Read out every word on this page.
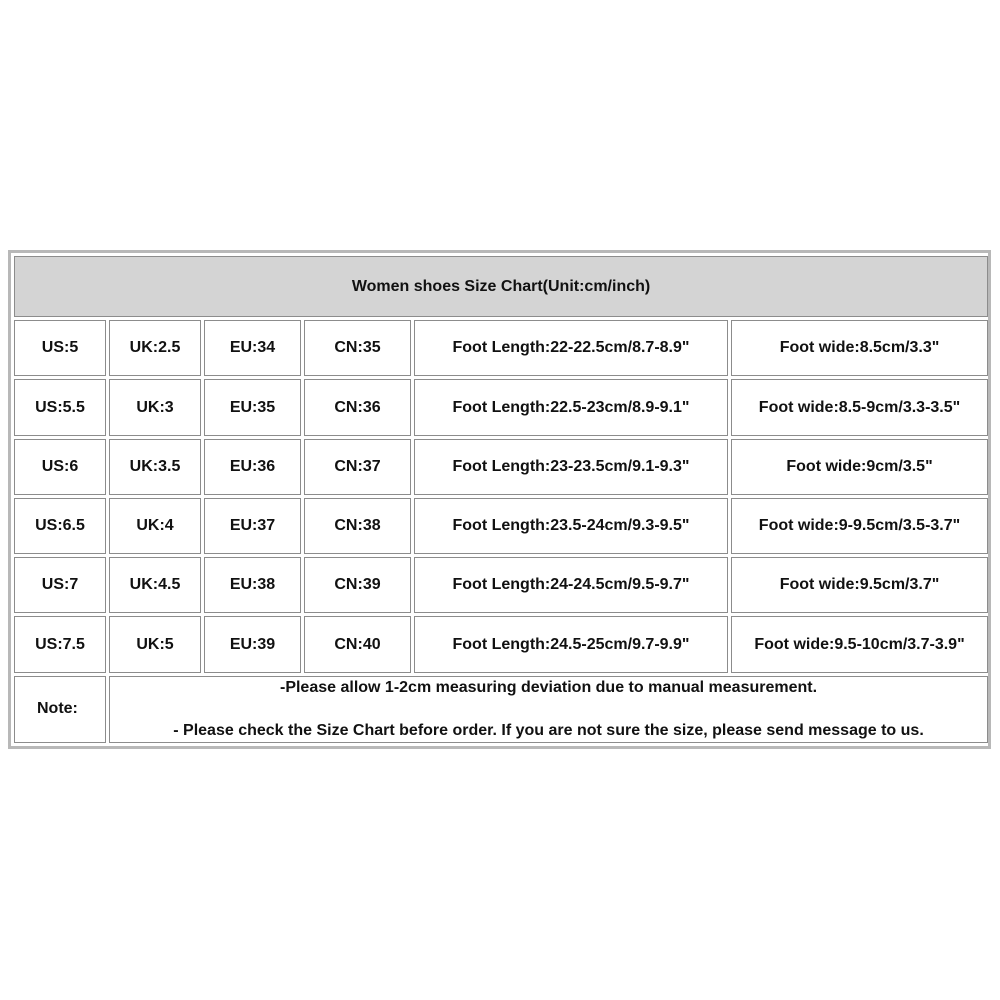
Women shoes Size Chart(Unit:cm/inch)					
US:5	UK:2.5	EU:34	CN:35	Foot Length:22-22.5cm/8.7-8.9"	Foot wide:8.5cm/3.3"
US:5.5	UK:3	EU:35	CN:36	Foot Length:22.5-23cm/8.9-9.1"	Foot wide:8.5-9cm/3.3-3.5"
US:6	UK:3.5	EU:36	CN:37	Foot Length:23-23.5cm/9.1-9.3"	Foot wide:9cm/3.5"
US:6.5	UK:4	EU:37	CN:38	Foot Length:23.5-24cm/9.3-9.5"	Foot wide:9-9.5cm/3.5-3.7"
US:7	UK:4.5	EU:38	CN:39	Foot Length:24-24.5cm/9.5-9.7"	Foot wide:9.5cm/3.7"
US:7.5	UK:5	EU:39	CN:40	Foot Length:24.5-25cm/9.7-9.9"	Foot wide:9.5-10cm/3.7-3.9"
Note:	-Please allow 1-2cm measuring deviation due to manual measurement.

- Please check the Size Chart before order. If you are not sure the size, please send message to us.				
